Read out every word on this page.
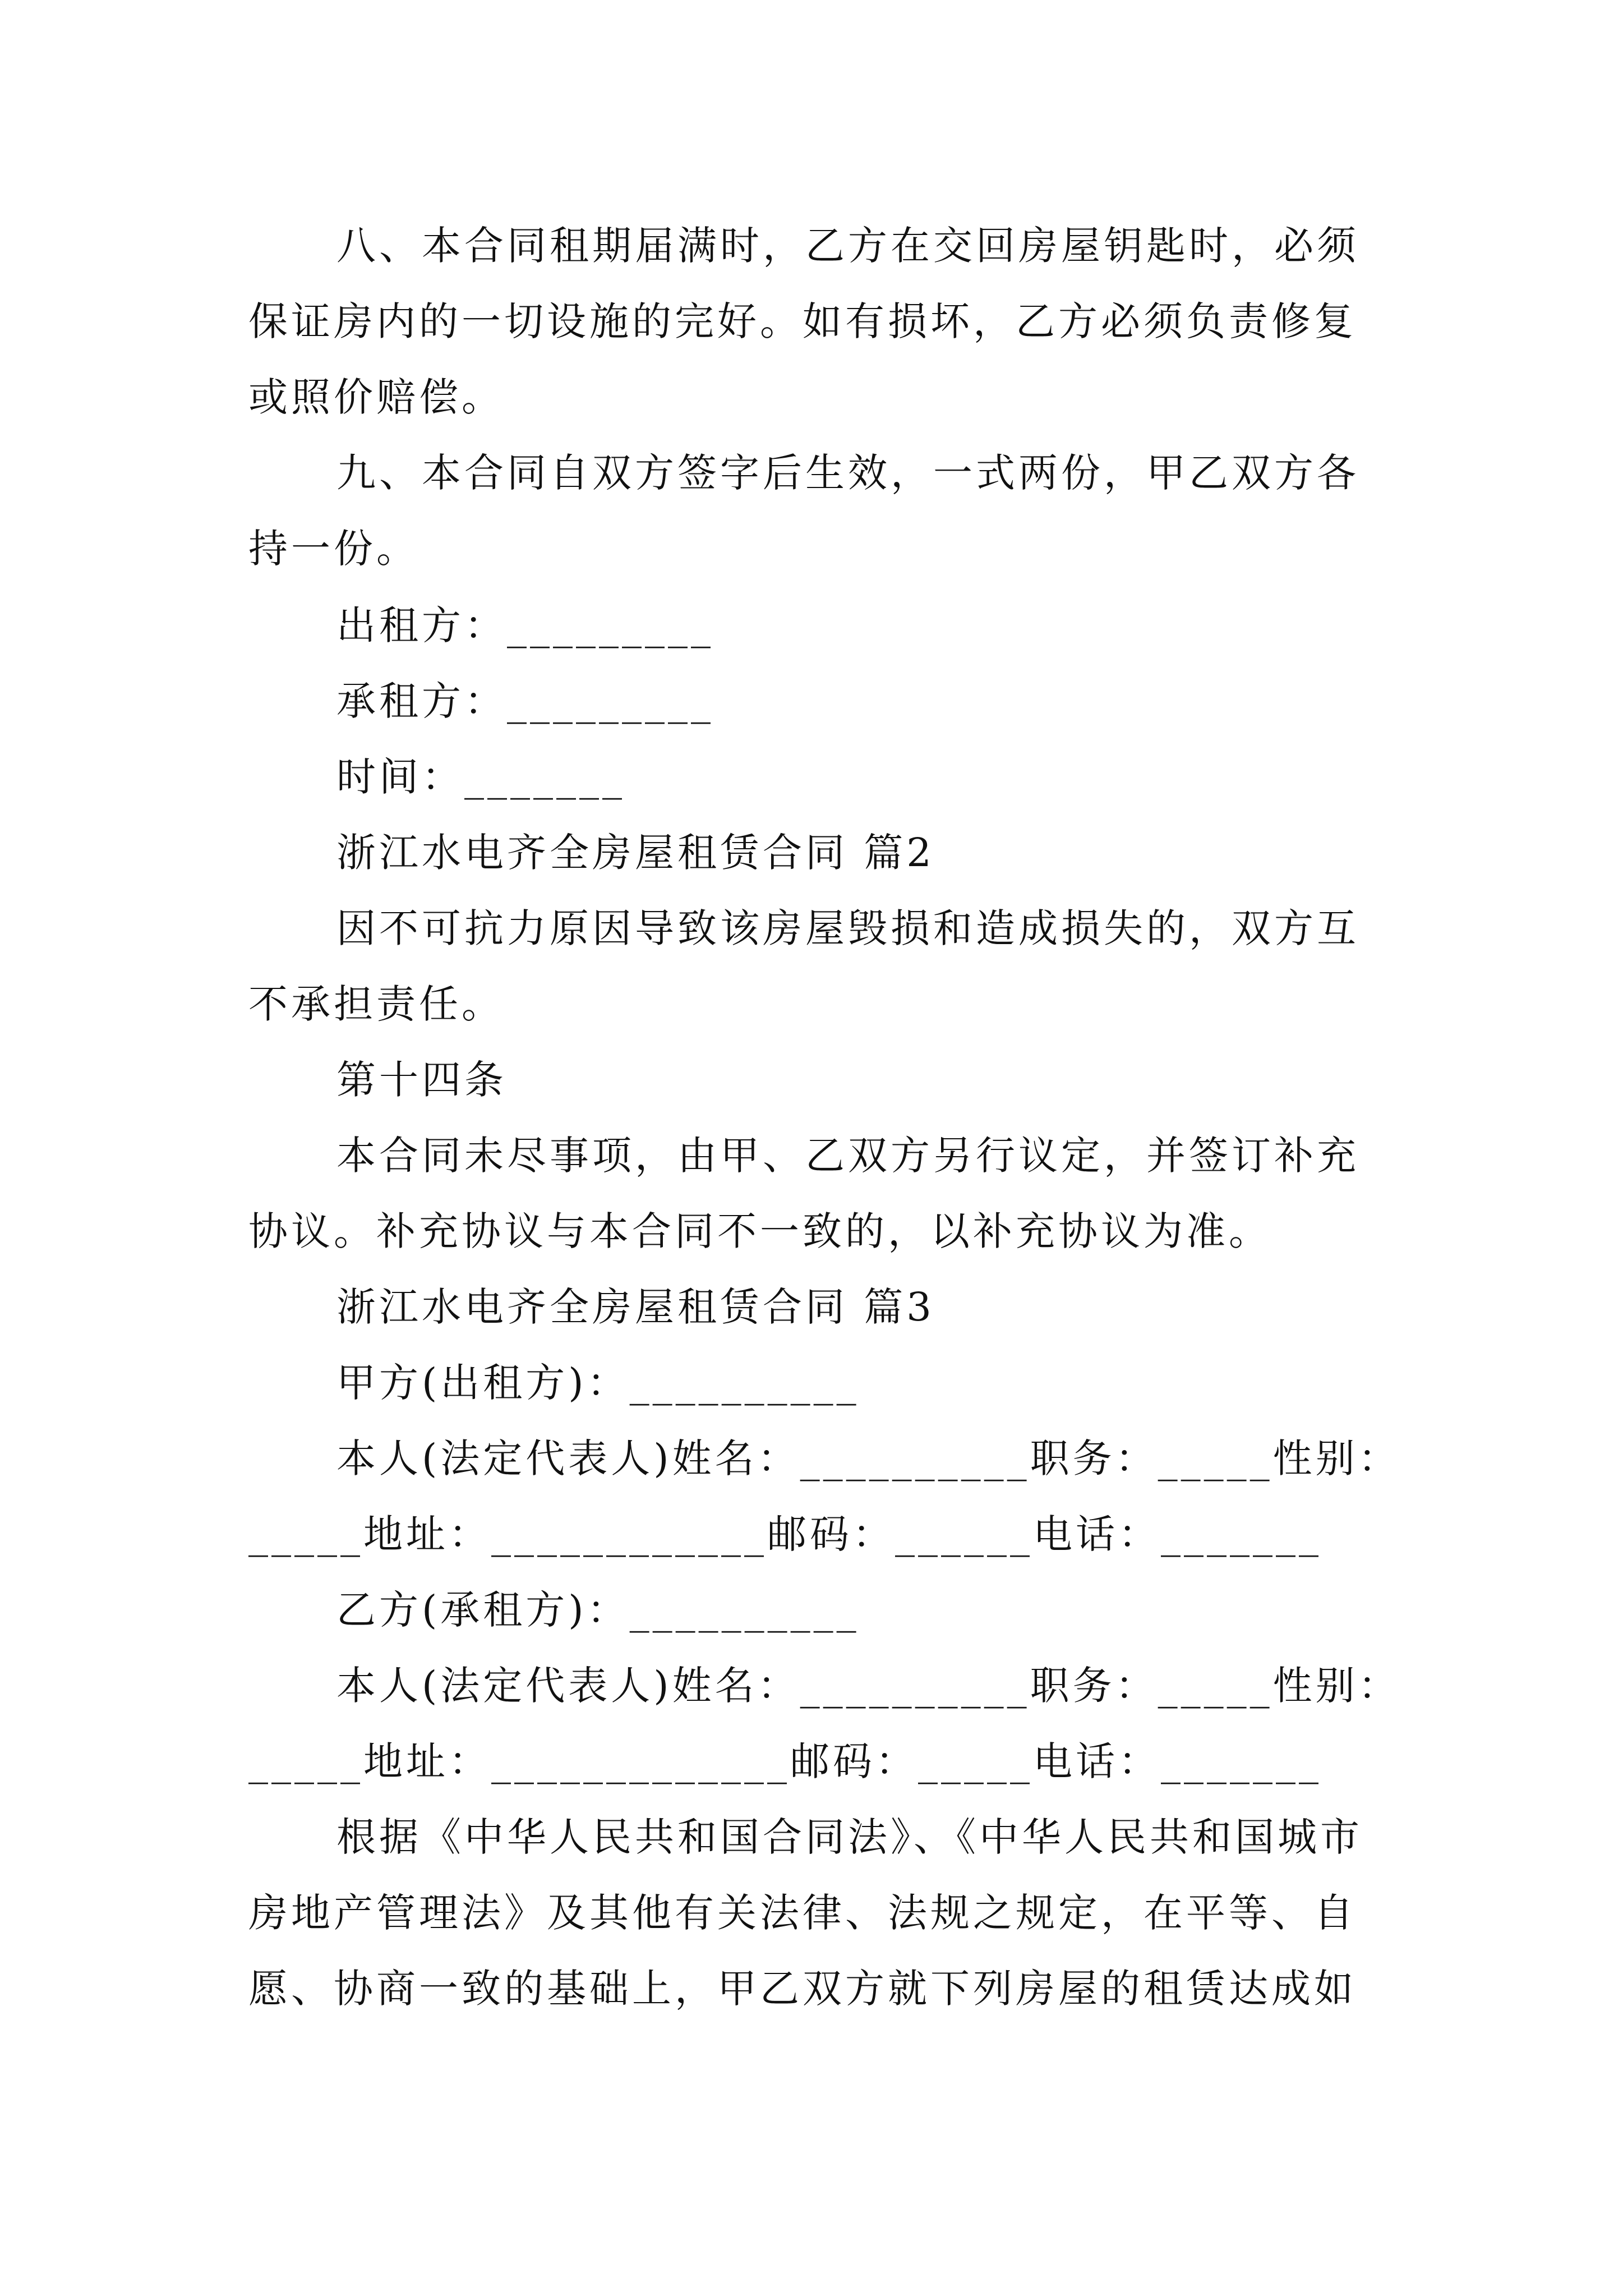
八、本合同租期届满时，乙方在交回房屋钥匙时，必须
保证房内的一切设施的完好。如有损坏，乙方必须负责修复
或照价赔偿。
九、本合同自双方签字后生效，一式两份，甲乙双方各
持一份。
出租方：_________
承租方：_________
时间：_______
浙江水电齐全房屋租赁合同 篇2
因不可抗力原因导致该房屋毁损和造成损失的，双方互
不承担责任。
第十四条
本合同未尽事项，由甲、乙双方另行议定，并签订补充
协议。补充协议与本合同不一致的，以补充协议为准。
浙江水电齐全房屋租赁合同 篇3
甲方(出租方)：__________
本人(法定代表人)姓名：__________职务：_____性别：
_____地址：____________邮码：______电话：_______
乙方(承租方)：__________
本人(法定代表人)姓名：__________职务：_____性别：
_____地址：_____________邮码：_____电话：_______
根据《中华人民共和国合同法》、《中华人民共和国城市
房地产管理法》及其他有关法律、法规之规定，在平等、自
愿、协商一致的基础上，甲乙双方就下列房屋的租赁达成如
